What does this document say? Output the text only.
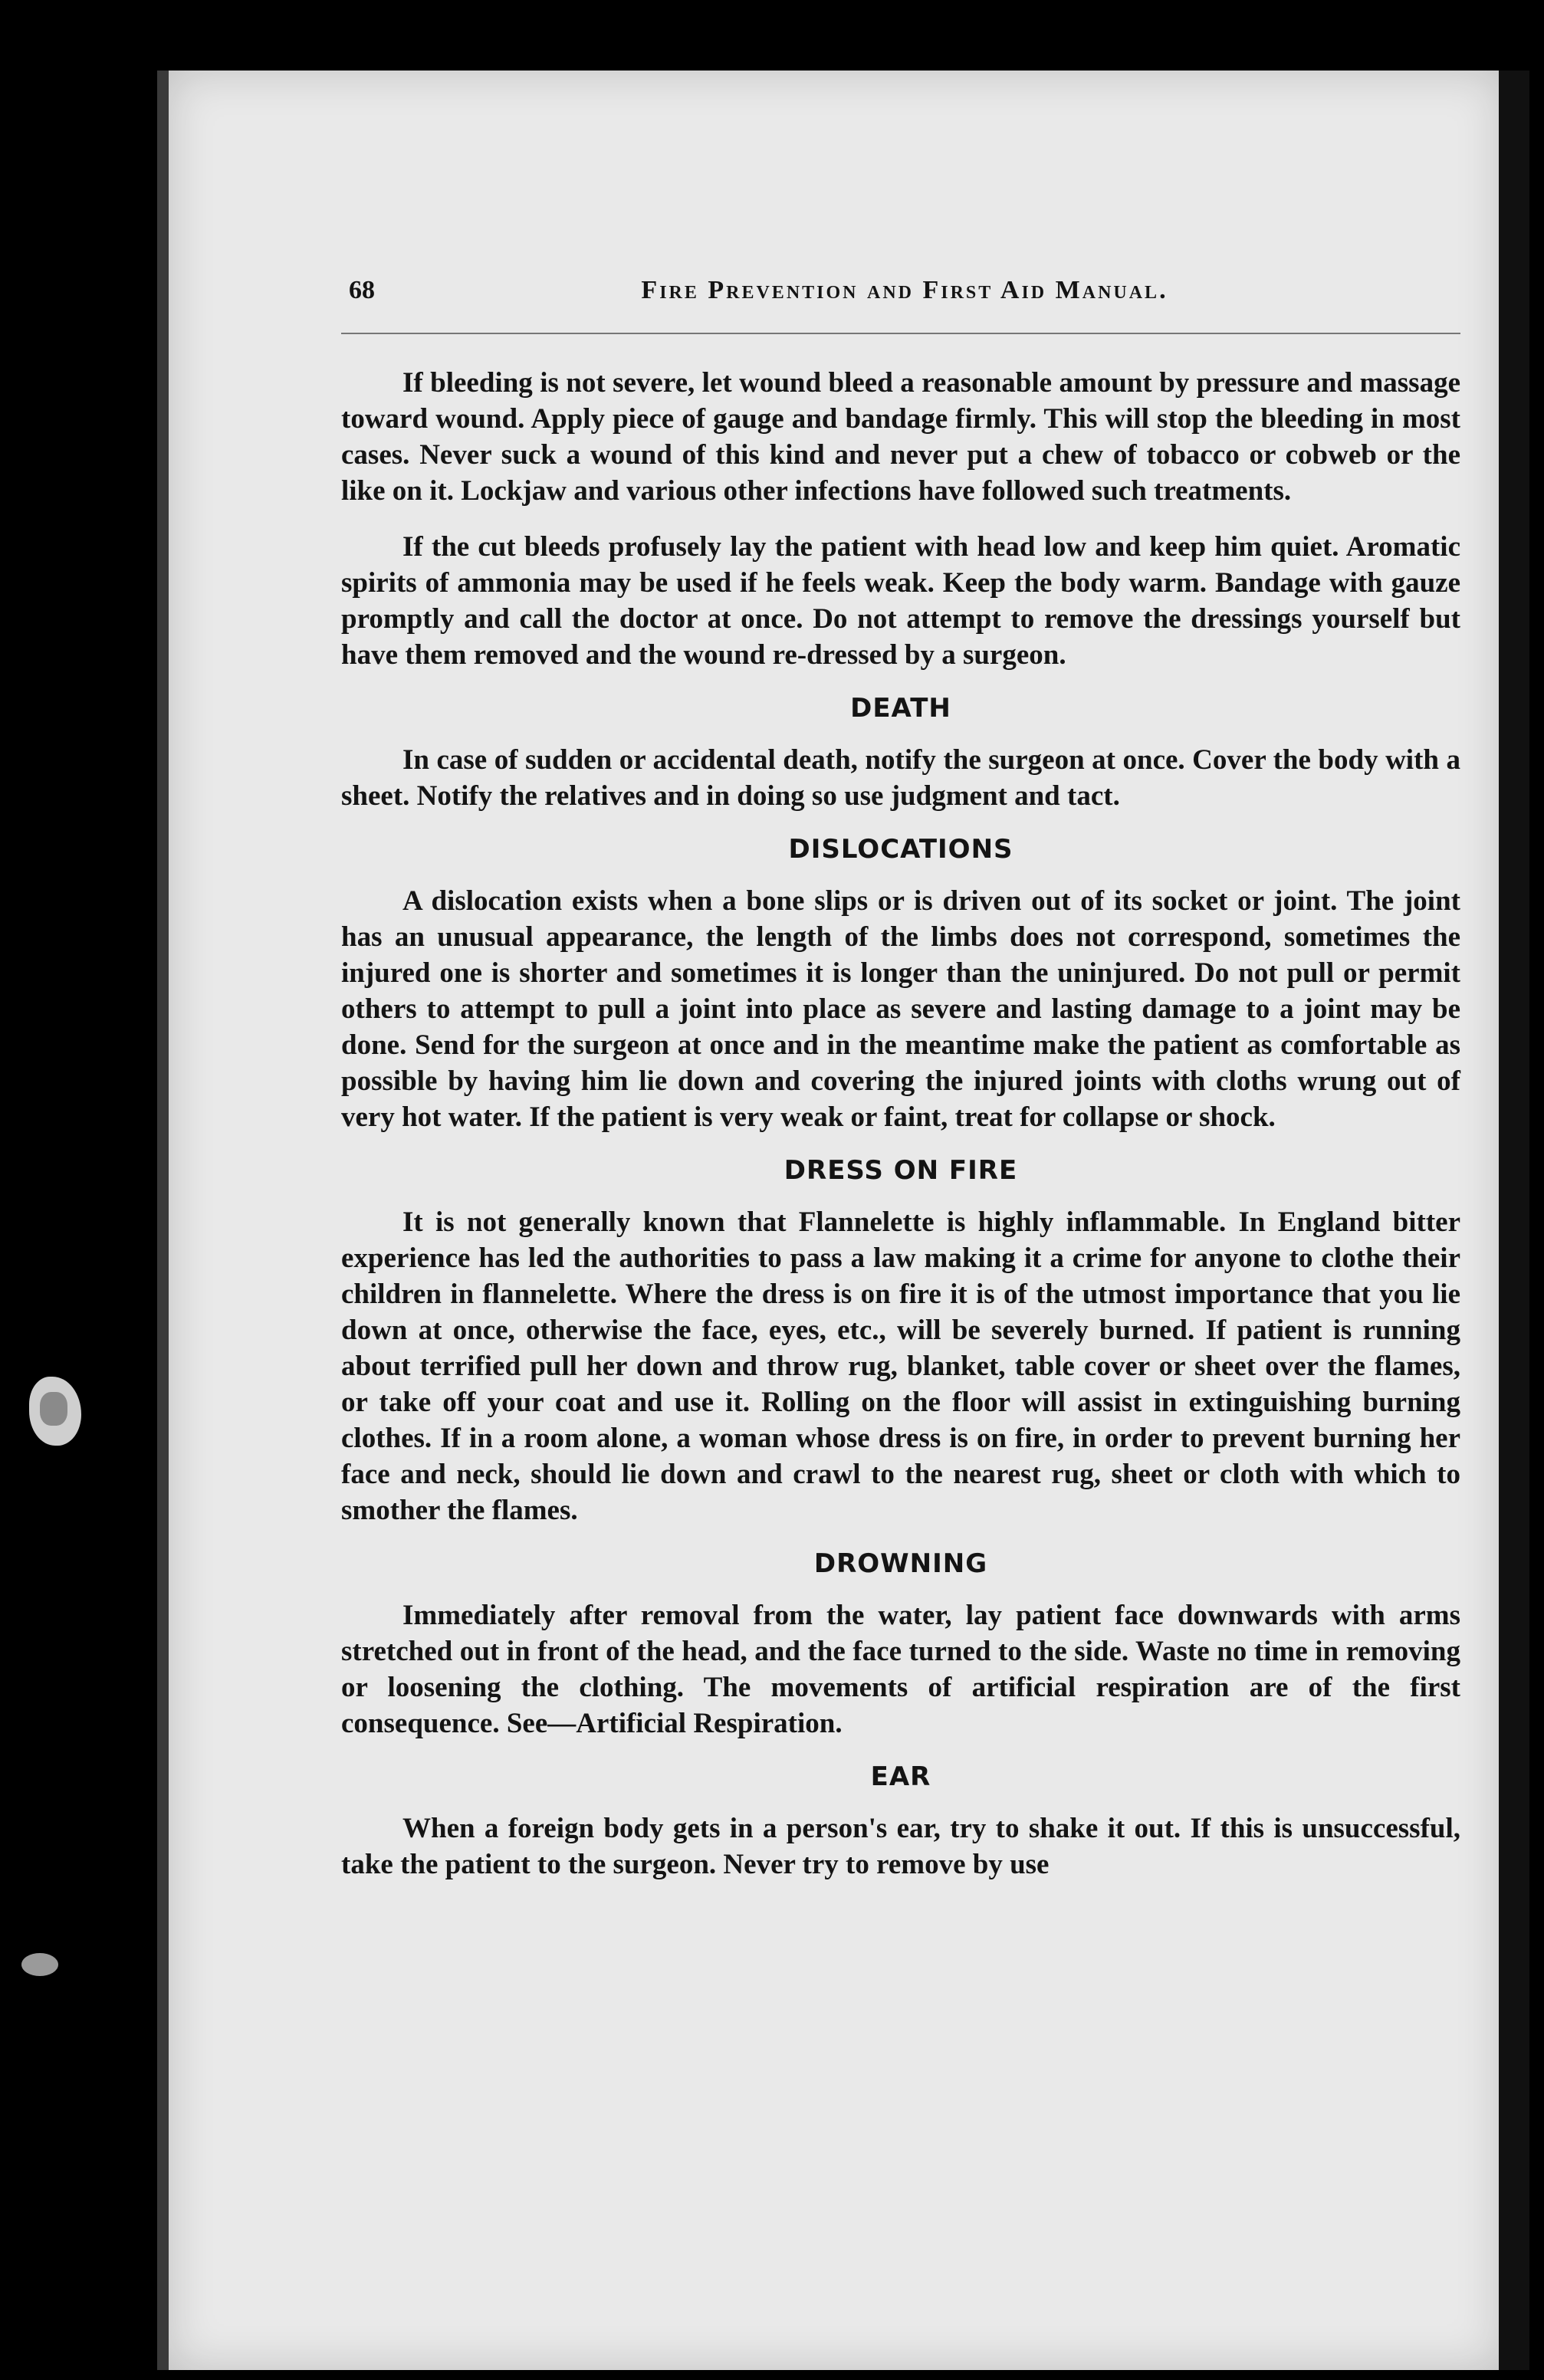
68	Fire Prevention and First Aid Manual.

If bleeding is not severe, let wound bleed a reasonable amount by pressure and massage toward wound. Apply piece of gauge and bandage firmly. This will stop the bleeding in most cases. Never suck a wound of this kind and never put a chew of tobacco or cobweb or the like on it. Lockjaw and various other infections have followed such treatments.

If the cut bleeds profusely lay the patient with head low and keep him quiet. Aromatic spirits of ammonia may be used if he feels weak. Keep the body warm. Bandage with gauze promptly and call the doctor at once. Do not attempt to remove the dressings yourself but have them removed and the wound re-dressed by a surgeon.

DEATH

In case of sudden or accidental death, notify the surgeon at once. Cover the body with a sheet. Notify the relatives and in doing so use judgment and tact.

DISLOCATIONS

A dislocation exists when a bone slips or is driven out of its socket or joint. The joint has an unusual appearance, the length of the limbs does not correspond, sometimes the injured one is shorter and sometimes it is longer than the uninjured. Do not pull or permit others to attempt to pull a joint into place as severe and lasting damage to a joint may be done. Send for the surgeon at once and in the meantime make the patient as comfortable as possible by having him lie down and covering the injured joints with cloths wrung out of very hot water. If the patient is very weak or faint, treat for collapse or shock.

DRESS ON FIRE

It is not generally known that Flannelette is highly inflammable. In England bitter experience has led the authorities to pass a law making it a crime for anyone to clothe their children in flannelette. Where the dress is on fire it is of the utmost importance that you lie down at once, otherwise the face, eyes, etc., will be severely burned. If patient is running about terrified pull her down and throw rug, blanket, table cover or sheet over the flames, or take off your coat and use it. Rolling on the floor will assist in extinguishing burning clothes. If in a room alone, a woman whose dress is on fire, in order to prevent burning her face and neck, should lie down and crawl to the nearest rug, sheet or cloth with which to smother the flames.

DROWNING

Immediately after removal from the water, lay patient face downwards with arms stretched out in front of the head, and the face turned to the side. Waste no time in removing or loosening the clothing. The movements of artificial respiration are of the first consequence. See—Artificial Respiration.

EAR

When a foreign body gets in a person's ear, try to shake it out. If this is unsuccessful, take the patient to the surgeon. Never try to remove by use
